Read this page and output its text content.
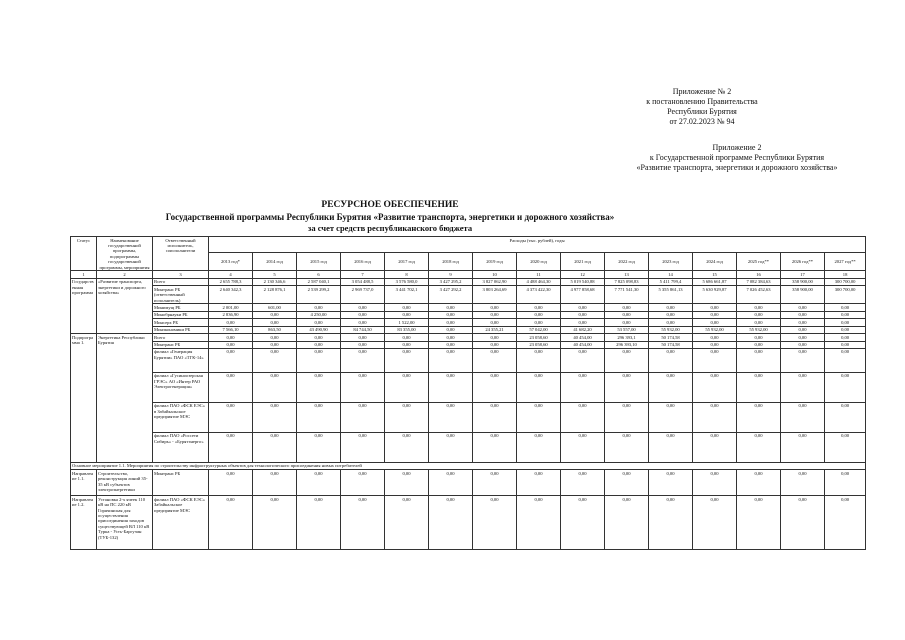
Приложение № 2
к постановлению Правительства
Республики Бурятия
от 27.02.2023 № 94
Приложение 2
к Государственной программе Республики Бурятия
«Развитие транспорта, энергетики и дорожного хозяйства»
РЕСУРСНОЕ ОБЕСПЕЧЕНИЕ
Государственной программы Республики Бурятия «Развитие транспорта, энергетики и дорожного хозяйства»
за счет средств республиканского бюджета
Статус	Наименование государственной программы, подпрограммы государственной программы, мероприятия	Ответственный исполнитель, соисполнители	Расходы (тыс. рублей), годы														
			2013 год*	2014 год	2015 год	2016 год	2017 год	2018 год	2019 год	2020 год	2021 год	2022 год	2023 год	2024 год	2025 год**	2026 год**	2027 год**
1	2	3	4	5	6	7	8	9	10	11	12	13	14	15	16	17	18
Государственная программа	«Развитие транспорта, энергетики и дорожного хозяйства»	Всего	2 655 788,3	2 130 346,6	2 587 040,1	3 054 488,5	3 576 580,0	3 427 295,2	3 827 062,90	4 488 464,30	5 019 540,88	7 825 098,83	5 411 799,4	5 686 661,87	7 082 384,63	358 900,00	300 700,00
		Минтранс РБ (ответственный исполнитель)	2 640 342,3	2 128 876,1	2 539 299,2	2 969 737,0	3 441 702,1	3 427 292,2	3 803 264,69	4 373 422,30	4 977 858,68	7 771 541,30	5 355 861,13	5 630 929,87	7 026 452,63	358 900,00	300 700,00
		Минимущ РБ	2 001,00	601,00	0,00	0,00	0,00	0,00	0,00	0,00	0,00	0,00	0,00	0,00	0,00	0,00	0,00
		Минобрнауки РБ	2 836,90	0,00	4 250,00	0,00	0,00	0,00	0,00	0,00	0,00	0,00	0,00	0,00	0,00	0,00	0,00
		Минсерх РБ	0,00	0,00	0,00	0,00	1 522,00	0,00	0,00	0,00	0,00	0,00	0,00	0,00	0,00	0,00	0,00
		Минэкономики РБ	7 566,10	863,50	43 490,90	84 744,50	83 355,00	0,00	24 355,21	57 042,00	41 682,20	53 557,00	55 932,00	55 932,00	55 932,00	0,00	0,00
Подпрограмма 1.	Энергетика Республики Бурятия	Всего	0,00	0,00	0,00	0,00	0,00	0,00	0,00	23 058,60	40 454,00	296 393,1	50 174,58	0,00	0,00	0,00	0,00
		Минтранс РБ	0,00	0,00	0,00	0,00	0,00	0,00	0,00	23 058,60	40 454,00	296 393,10	50 174,58	0,00	0,00	0,00	0,00
		филиал «Генерация Бурятии» ПАО «ТГК-14»	0,00	0,00	0,00	0,00	0,00	0,00	0,00	0,00	0,00	0,00	0,00	0,00	0,00	0,00	0,00
		филиал «Гусиноозерская ГРЭС» АО «Интер РАО Электрогенерация»	0,00	0,00	0,00	0,00	0,00	0,00	0,00	0,00	0,00	0,00	0,00	0,00	0,00	0,00	0,00
		филиал ПАО «ФСК ЕЭС» в Забайкальское предприятие МЭС	0,00	0,00	0,00	0,00	0,00	0,00	0,00	0,00	0,00	0,00	0,00	0,00	0,00	0,00	0,00
		филиал ПАО «Россети Сибирь» - «Бурятэнерго»	0,00	0,00	0,00	0,00	0,00	0,00	0,00	0,00	0,00	0,00	0,00	0,00	0,00	0,00	0,00
Основное мероприятие 1.1. Мероприятия по строительству инфраструктурных объектов для технологического присоединения новых потребителей																	
Направление 1.1.	Строительство, реконструкция линий 35-35 кВ субъектов электроэнергетики	Минтранс РБ	0,00	0,00	0,00	0,00	0,00	0,00	0,00	0,00	0,00	0,00	0,00	0,00	0,00	0,00	0,00
Направление 1.2.	Установка 2-х ячеек 110 кВ на ПС 220 кВ Горячинская для осуществления присоединения заходов существующей ВЛ 110 кВ Турка - Усть-Баргузин (ТУБ-132)	филиал ПАО «ФСК ЕЭС» Забайкальское предприятие МЭС	0,00	0,00	0,00	0,00	0,00	0,00	0,00	0,00	0,00	0,00	0,00	0,00	0,00	0,00	0,00
